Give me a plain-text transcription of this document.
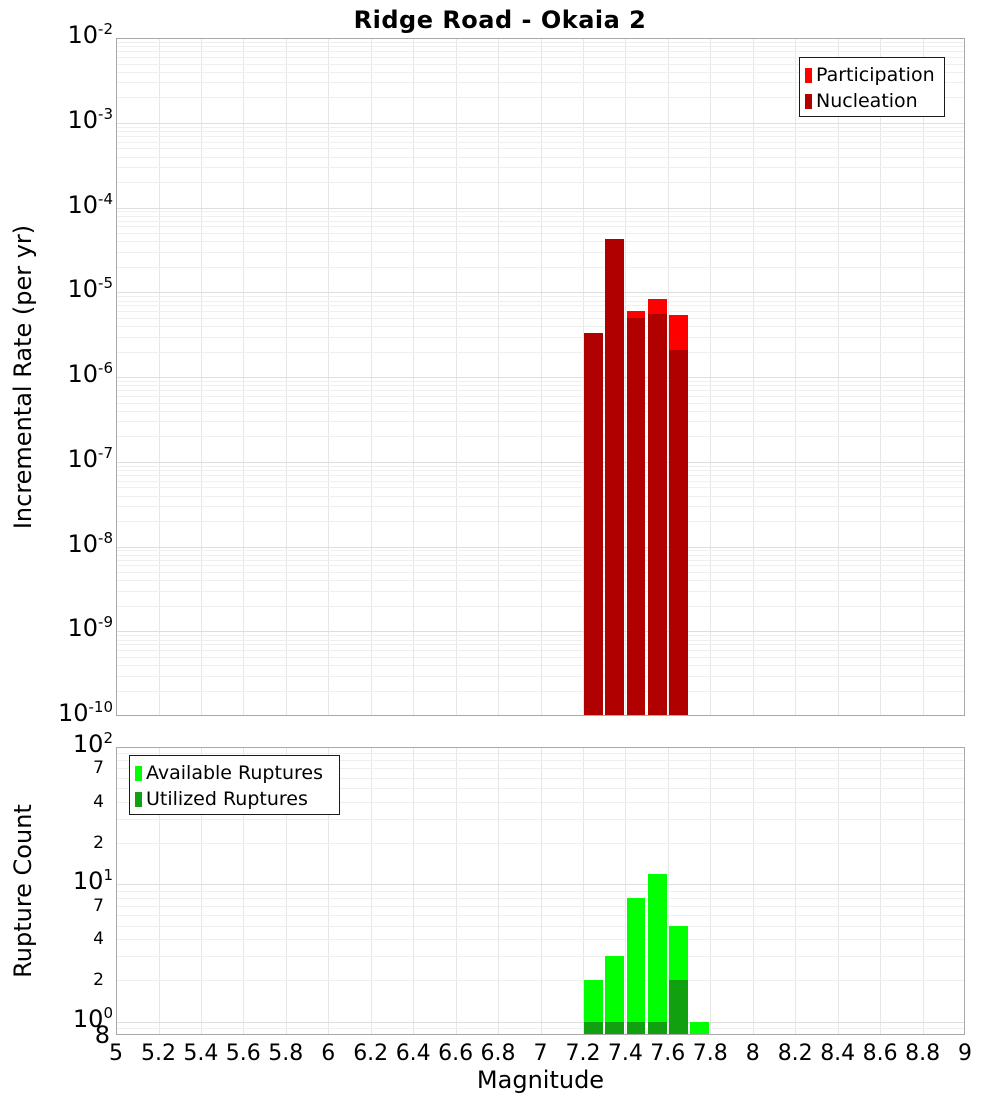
Ridge Road - Okaia 2
Incremental Rate (per yr)
Rupture Count
Magnitude
Participation
Nucleation
Available Ruptures
Utilized Ruptures
$10^{-2}$
$10^{-3}$
$10^{-4}$
$10^{-5}$
$10^{-6}$
$10^{-7}$
$10^{-8}$
$10^{-9}$
$10^{-10}$
$10^2$
$10^1$
$10^0$
7
4
2
7
4
2
8
5 5.2 5.4 5.6 5.8 6 6.2 6.4 6.6 6.8 7 7.2 7.4 7.6 7.8 8 8.2 8.4 8.6 8.8 9
